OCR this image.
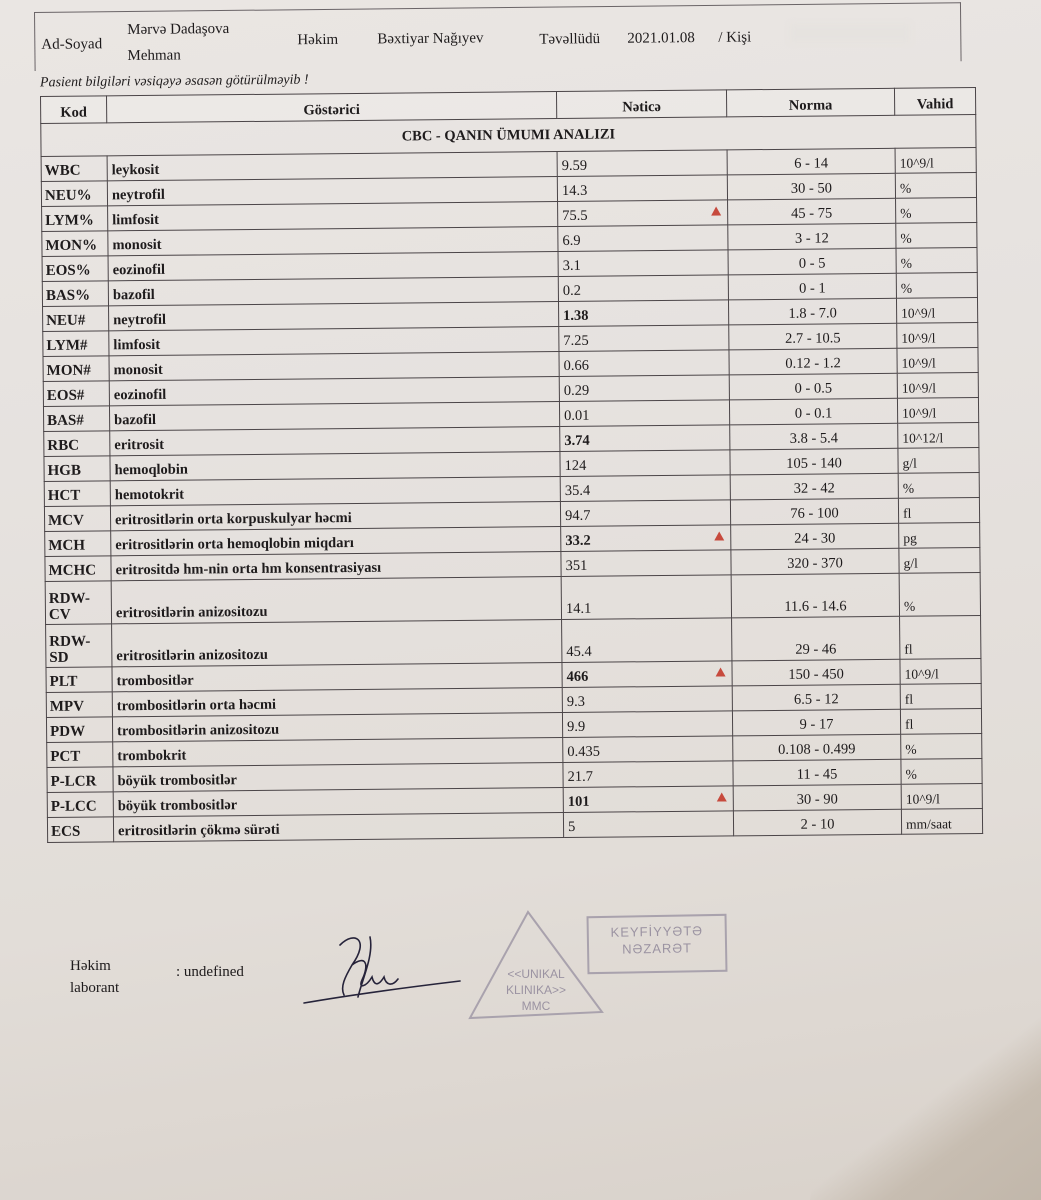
Ad-Soyad
Mərvə Dadaşova
Mehman
Həkim	Bəxtiyar Nağıyev	Təvəllüdü 2021.01.08 / Kişi
Pasient bilgiləri vəsiqəyə əsasən götürülməyib !
Kod	Göstərici	Nəticə	Norma	Vahid
CBC - QANIN ÜMUMI ANALIZI				
WBC	leykosit	9.59	6 - 14	10^9/l
NEU%	neytrofil	14.3	30 - 50	%
LYM%	limfosit	75.5	45 - 75	%
MON%	monosit	6.9	3 - 12	%
EOS%	eozinofil	3.1	0 - 5	%
BAS%	bazofil	0.2	0 - 1	%
NEU#	neytrofil	1.38	1.8 - 7.0	10^9/l
LYM#	limfosit	7.25	2.7 - 10.5	10^9/l
MON#	monosit	0.66	0.12 - 1.2	10^9/l
EOS#	eozinofil	0.29	0 - 0.5	10^9/l
BAS#	bazofil	0.01	0 - 0.1	10^9/l
RBC	eritrosit	3.74	3.8 - 5.4	10^12/l
HGB	hemoqlobin	124	105 - 140	g/l
HCT	hemotokrit	35.4	32 - 42	%
MCV	eritrositlərin orta korpuskulyar həcmi	94.7	76 - 100	fl
MCH	eritrositlərin orta hemoqlobin miqdarı	33.2	24 - 30	pg
MCHC	eritrositdə hm-nin orta hm konsentrasiyası	351	320 - 370	g/l
RDW-CV	eritrositlərin anizositozu	14.1	11.6 - 14.6	%
RDW-SD	eritrositlərin anizositozu	45.4	29 - 46	fl
PLT	trombositlər	466	150 - 450	10^9/l
MPV	trombositlərin orta həcmi	9.3	6.5 - 12	fl
PDW	trombositlərin anizositozu	9.9	9 - 17	fl
PCT	trombokrit	0.435	0.108 - 0.499	%
P-LCR	böyük trombositlər	21.7	11 - 45	%
P-LCC	böyük trombositlər	101	30 - 90	10^9/l
ECS	eritrositlərin çökmə sürəti	5	2 - 10	mm/saat
Həkim
laborant
: undefined	<<UNIKAL
KLINIKA>>
MMC
KEYFİYYƏTƏ
NƏZARƏT
